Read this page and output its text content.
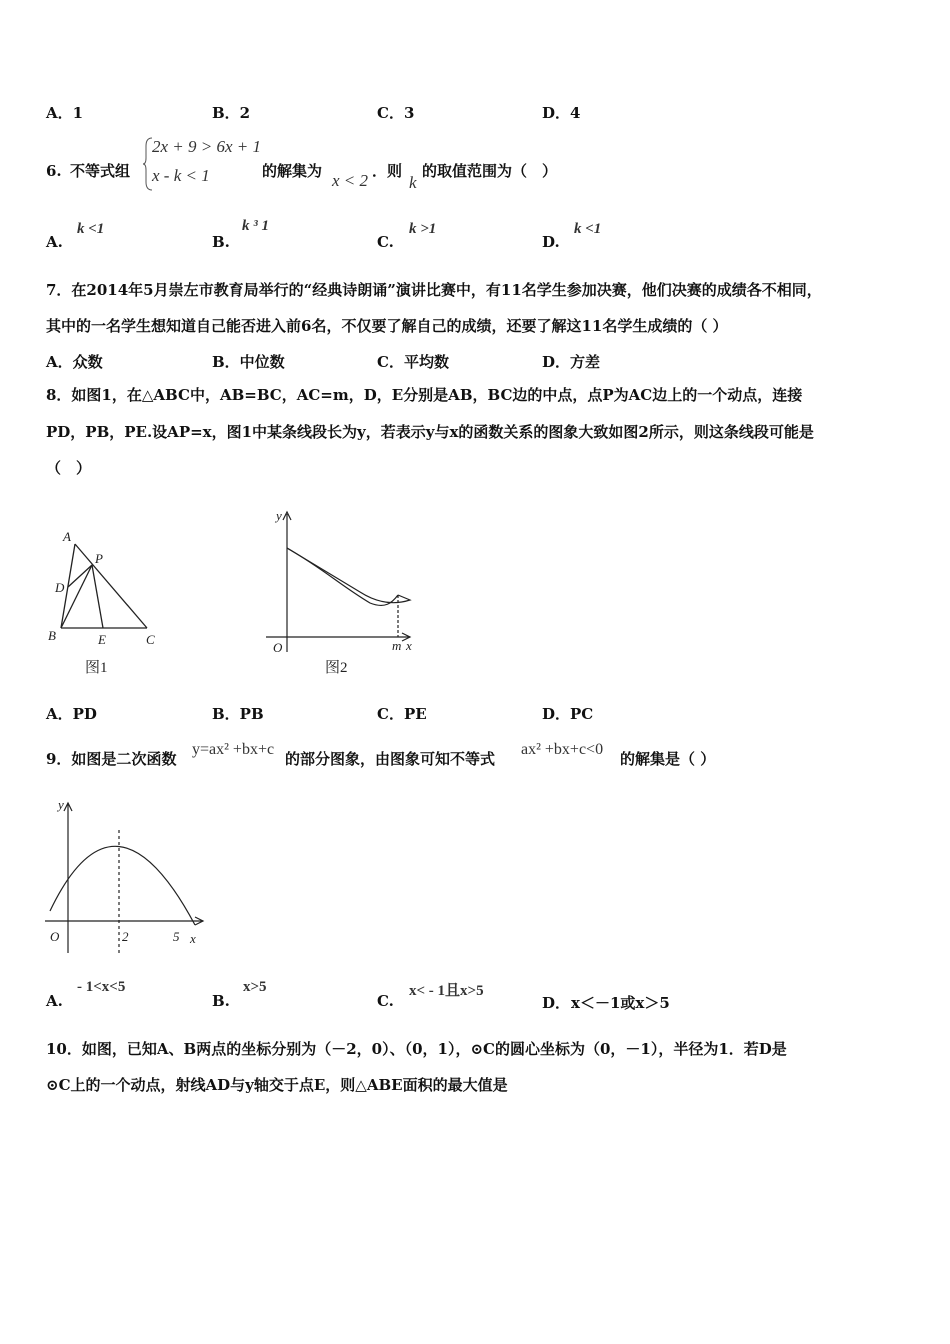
A．1	B．2	C．3	D．4
6. 不等式组
2x + 9 > 6x + 1
x - k < 1	的解集为 x < 2 ．则
k
的取值范围为（　）
A.
k <1
B.
k ³ 1
C.
k >1
D.
k <1
7．在2014年5月崇左市教育局举行的“经典诗朗诵”演讲比赛中，有11名学生参加决赛，他们决赛的成绩各不相同，
其中的一名学生想知道自己能否进入前6名，不仅要了解自己的成绩，还要了解这11名学生成绩的（ ）
A．众数	B．中位数	C．平均数	D．方差
8．如图1，在△ABC中，AB=BC，AC=m，D，E分别是AB，BC边的中点，点P为AC边上的一个动点，连接
PD，PB，PE.设AP=x，图1中某条线段长为y，若表示y与x的函数关系的图象大致如图2所示，则这条线段可能是
（　）
A
P
D
B	E	C
图1
y
O	m x
图2
A．PD	B．PB	C．PE	D．PC
9．如图是二次函数
y=ax² +bx+c
的部分图象，由图象可知不等式
ax² +bx+c<0
的解集是（ ）
y
O	2	5 x
A.
- 1<x<5
B.
x>5
C.
x< - 1且x>5
D． x＜－1或x＞5
10．如图，已知A、B两点的坐标分别为（－2，0）、（0，1），⊙C的圆心坐标为（0，－1），半径为1．若D是
⊙C上的一个动点，射线AD与y轴交于点E，则△ABE面积的最大值是
